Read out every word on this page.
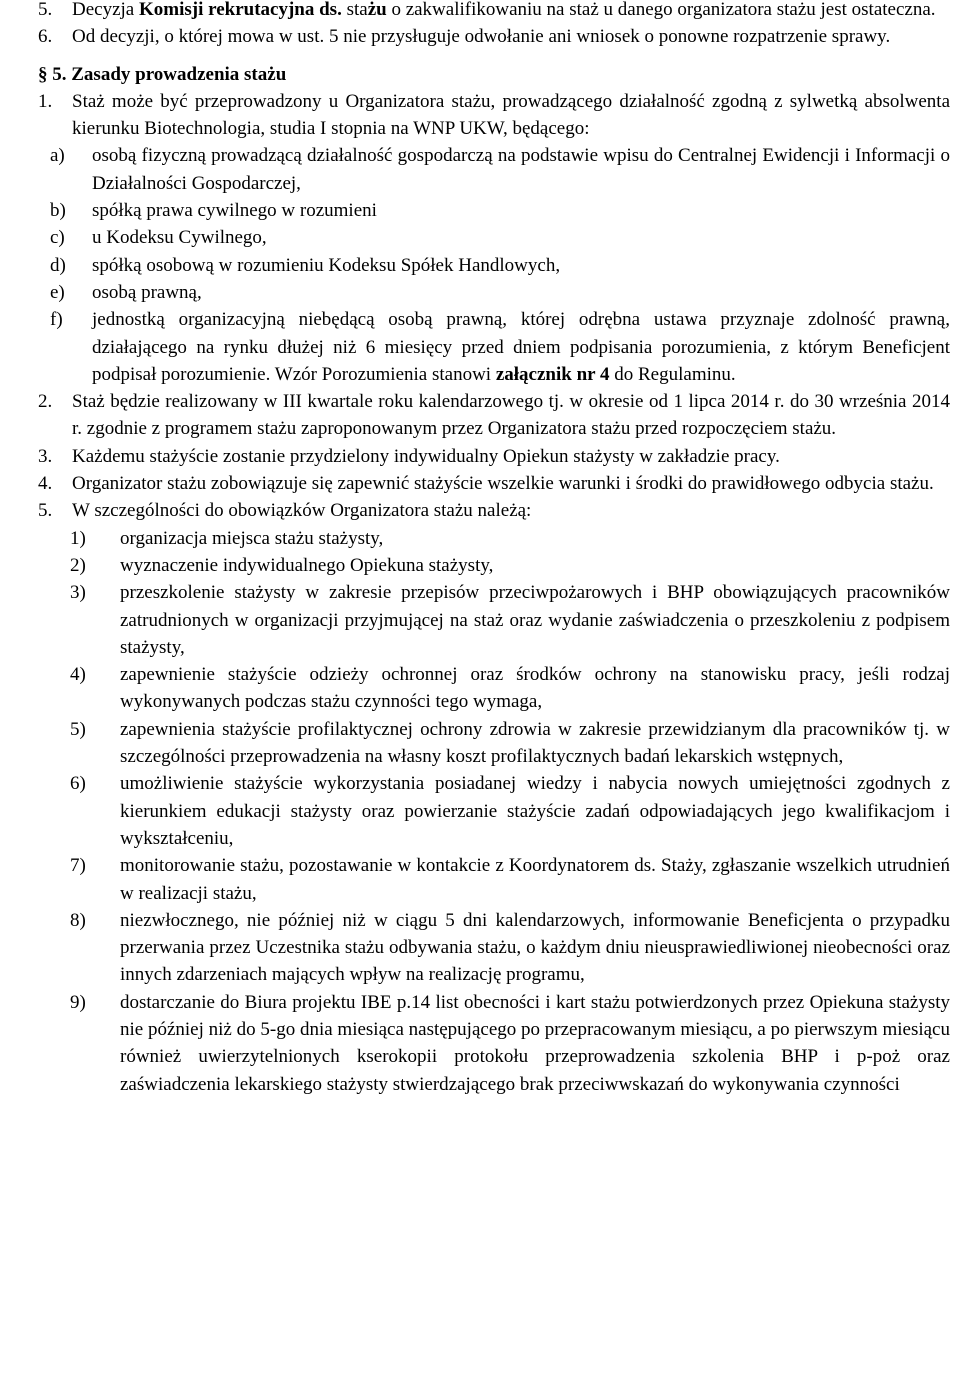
5.	Decyzja Komisji rekrutacyjna ds. stażu o zakwalifikowaniu na staż u danego organizatora stażu jest ostateczna.
6.	Od decyzji, o której mowa w ust. 5 nie przysługuje odwołanie ani wniosek o ponowne rozpatrzenie sprawy.
§ 5. Zasady prowadzenia stażu
1.	Staż może być przeprowadzony u Organizatora stażu, prowadzącego działalność zgodną z sylwetką absolwenta kierunku Biotechnologia, studia I stopnia na WNP UKW, będącego:
a)	osobą fizyczną prowadzącą działalność gospodarczą na podstawie wpisu do Centralnej Ewidencji i Informacji o Działalności Gospodarczej,
b)	spółką prawa cywilnego w rozumieni
c)	u Kodeksu Cywilnego,
d)	spółką osobową w rozumieniu Kodeksu Spółek Handlowych,
e)	osobą prawną,
f)	jednostką organizacyjną niebędącą osobą prawną, której odrębna ustawa przyznaje zdolność prawną, działającego na rynku dłużej niż 6 miesięcy przed dniem podpisania porozumienia, z którym Beneficjent podpisał porozumienie. Wzór Porozumienia stanowi załącznik nr 4 do Regulaminu.
2.	Staż będzie realizowany w III kwartale roku kalendarzowego tj. w okresie od 1 lipca 2014 r. do 30 września 2014 r. zgodnie z programem stażu zaproponowanym przez Organizatora stażu przed rozpoczęciem stażu.
3.	Każdemu stażyście zostanie przydzielony indywidualny Opiekun stażysty w zakładzie pracy.
4.	Organizator stażu zobowiązuje się zapewnić stażyście wszelkie warunki i środki do prawidłowego odbycia stażu.
5.	W szczególności do obowiązków Organizatora stażu należą:
1)	organizacja miejsca stażu stażysty,
2)	wyznaczenie indywidualnego Opiekuna stażysty,
3)	przeszkolenie stażysty w zakresie przepisów przeciwpożarowych i BHP obowiązujących pracowników zatrudnionych w organizacji przyjmującej na staż oraz wydanie zaświadczenia o przeszkoleniu z podpisem stażysty,
4)	zapewnienie stażyście odzieży ochronnej oraz środków ochrony na stanowisku pracy, jeśli rodzaj wykonywanych podczas stażu czynności tego wymaga,
5)	zapewnienia stażyście profilaktycznej ochrony zdrowia w zakresie przewidzianym dla pracowników tj. w szczególności przeprowadzenia na własny koszt profilaktycznych badań lekarskich wstępnych,
6)	umożliwienie stażyście wykorzystania posiadanej wiedzy i nabycia nowych umiejętności zgodnych z kierunkiem edukacji stażysty oraz powierzanie stażyście zadań odpowiadających jego kwalifikacjom i wykształceniu,
7)	monitorowanie stażu, pozostawanie w kontakcie z Koordynatorem ds. Staży, zgłaszanie wszelkich utrudnień w realizacji stażu,
8)	niezwłocznego, nie później niż w ciągu 5 dni kalendarzowych, informowanie Beneficjenta o przypadku przerwania przez Uczestnika stażu odbywania stażu, o każdym dniu nieusprawiedliwionej nieobecności oraz innych zdarzeniach mających wpływ na realizację programu,
9)	dostarczanie do Biura projektu IBE p.14 list obecności i kart stażu potwierdzonych przez Opiekuna stażysty nie później niż do 5-go dnia miesiąca następującego po przepracowanym miesiącu, a po pierwszym miesiącu również uwierzytelnionych kserokopii protokołu przeprowadzenia szkolenia BHP i p-poż oraz zaświadczenia lekarskiego stażysty stwierdzającego brak przeciwwskazań do wykonywania czynności
